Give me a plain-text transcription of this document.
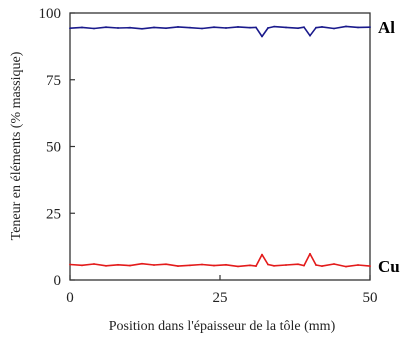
0
25
50
75
100
0	25	50
Al
Cu
Position dans l'épaisseur de la tôle (mm)
Teneur en éléments (% massique)
